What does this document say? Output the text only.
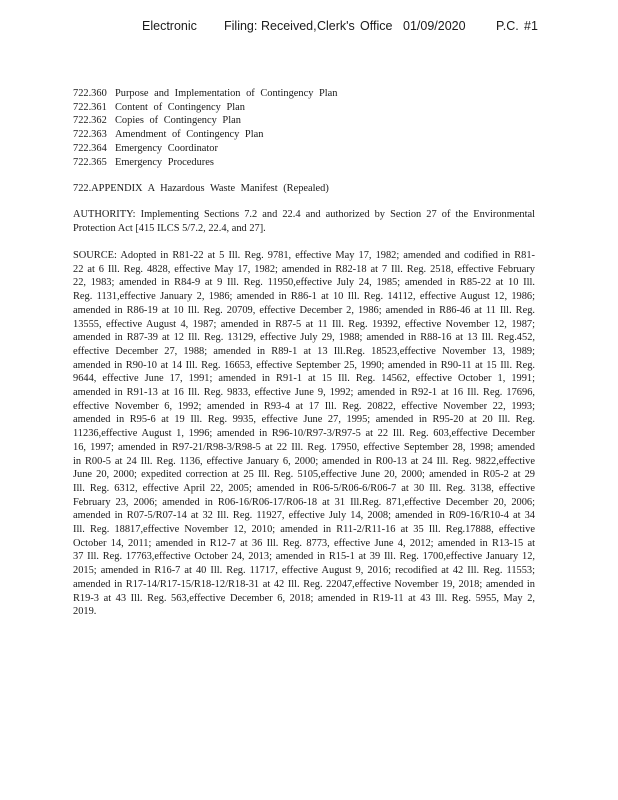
Electronic Filing: Received, Clerk's Office 01/09/2020 P.C. #1
722.360 Purpose and Implementation of Contingency Plan
722.361 Content of Contingency Plan
722.362 Copies of Contingency Plan
722.363 Amendment of Contingency Plan
722.364 Emergency Coordinator
722.365 Emergency Procedures
722.APPENDIX A Hazardous Waste Manifest (Repealed)

AUTHORITY: Implementing Sections 7.2 and 22.4 and authorized by Section 27 of the Environmental Protection Act [415 ILCS 5/7.2, 22.4, and 27].

SOURCE: Adopted in R81-22 at 5 Ill. Reg. 9781, effective May 17, 1982; amended and codified in R81-22 at 6 Ill. Reg. 4828, effective May 17, 1982; amended in R82-18 at 7 Ill. Reg. 2518, effective February 22, 1983; amended in R84-9 at 9 Ill. Reg. 11950,effective July 24, 1985; amended in R85-22 at 10 Ill. Reg. 1131,effective January 2, 1986; amended in R86-1 at 10 Ill. Reg. 14112, effective August 12, 1986; amended in R86-19 at 10 Ill. Reg. 20709, effective December 2, 1986; amended in R86-46 at 11 Ill. Reg. 13555, effective August 4, 1987; amended in R87-5 at 11 Ill. Reg. 19392, effective November 12, 1987; amended in R87-39 at 12 Ill. Reg. 13129, effective July 29, 1988; amended in R88-16 at 13 Ill. Reg.452, effective December 27, 1988; amended in R89-1 at 13 Ill.Reg. 18523,effective November 13, 1989; amended in R90-10 at 14 Ill. Reg. 16653, effective September 25, 1990; amended in R90-11 at 15 Ill. Reg. 9644, effective June 17, 1991; amended in R91-1 at 15 Ill. Reg. 14562, effective October 1, 1991; amended in R91-13 at 16 Ill. Reg. 9833, effective June 9, 1992; amended in R92-1 at 16 Ill. Reg. 17696, effective November 6, 1992; amended in R93-4 at 17 Ill. Reg. 20822, effective November 22, 1993; amended in R95-6 at 19 Ill. Reg. 9935, effective June 27, 1995; amended in R95-20 at 20 Ill. Reg. 11236,effective August 1, 1996; amended in R96-10/R97-3/R97-5 at 22 Ill. Reg. 603,effective December 16, 1997; amended in R97-21/R98-3/R98-5 at 22 Ill. Reg. 17950, effective September 28, 1998; amended in R00-5 at 24 Ill. Reg. 1136, effective January 6, 2000; amended in R00-13 at 24 Ill. Reg. 9822,effective June 20, 2000; expedited correction at 25 Ill. Reg. 5105,effective June 20, 2000; amended in R05-2 at 29 Ill. Reg. 6312, effective April 22, 2005; amended in R06-5/R06-6/R06-7 at 30 Ill. Reg. 3138, effective February 23, 2006; amended in R06-16/R06-17/R06-18 at 31 Ill.Reg. 871,effective December 20, 2006; amended in R07-5/R07-14 at 32 Ill. Reg. 11927, effective July 14, 2008; amended in R09-16/R10-4 at 34 Ill. Reg. 18817,effective November 12, 2010; amended in R11-2/R11-16 at 35 Ill. Reg.17888, effective October 14, 2011; amended in R12-7 at 36 Ill. Reg. 8773, effective June 4, 2012; amended in R13-15 at 37 Ill. Reg. 17763,effective October 24, 2013; amended in R15-1 at 39 Ill. Reg. 1700,effective January 12, 2015; amended in R16-7 at 40 Ill. Reg. 11717, effective August 9, 2016; recodified at 42 Ill. Reg. 11553; amended in R17-14/R17-15/R18-12/R18-31 at 42 Ill. Reg. 22047,effective November 19, 2018; amended in R19-3 at 43 Ill. Reg. 563,effective December 6, 2018; amended in R19-11 at 43 Ill. Reg. 5955, May 2, 2019.
